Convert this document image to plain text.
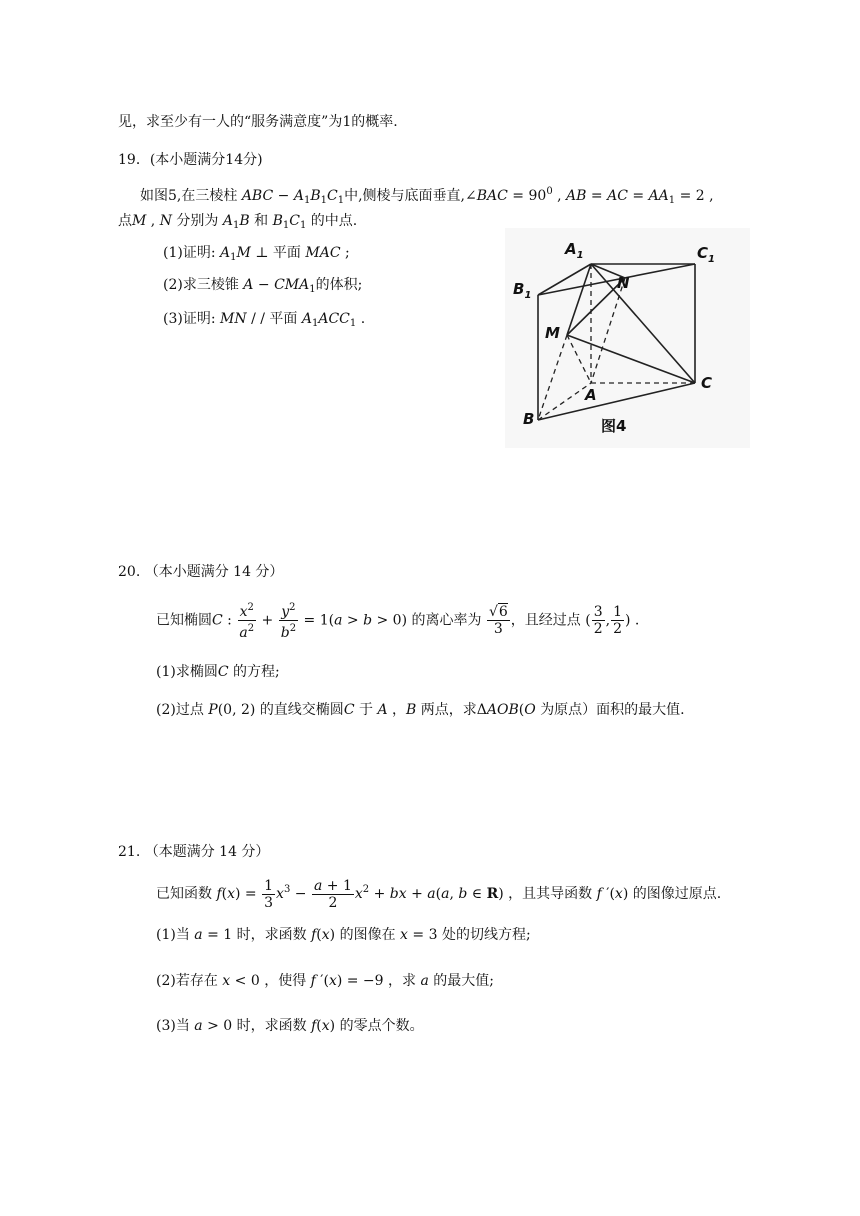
见，求至少有一人的“服务满意度”为1的概率.
19．(本小题满分14分)
如图5,在三棱柱 ABC − $A_1B_1C_1$中,侧棱与底面垂直,∠BAC = $90^0$ , AB = AC = $AA_1 = 2$ ,
点M , N 分别为 $A_1B$ 和 $B_1C_1$ 的中点.
(1)证明: $A_1M$ ⊥ 平面 MAC ;
(2)求三棱锥 $A - CMA_1$的体积;
(3)证明: MN / / 平面 $A_1ACC_1$ .
$A_1$	$C_1$
$B_1$
N
M
A
B
C
图4
20. （本小题满分 14 分）
已知椭圆C : $\frac{x^2}{a^2} + \frac{y^2}{b^2} = 1(a > b > 0)$ 的离心率为 $\frac{√6}{3}$ ，且经过点 ( $\frac{3}{2}$ , $\frac{1}{2}$ ) .
(1)求椭圆C 的方程;
(2)过点 P(0, 2) 的直线交椭圆C 于 A ，B 两点，求ΔAOB(O 为原点）面积的最大值.
21. （本题满分 14 分）
已知函数 $f(x) = \frac{1}{3} x^3 - \frac{a + 1}{2} x^2$ + bx + a(a, b ∈ R) ，且其导函数 f ′(x) 的图像过原点.
(1)当 a = 1 时，求函数 f(x) 的图像在 x = 3 处的切线方程;
(2)若存在 x < 0 ，使得 f ′(x) = −9 ，求 a 的最大值;
(3)当 a > 0 时，求函数 f(x) 的零点个数。
